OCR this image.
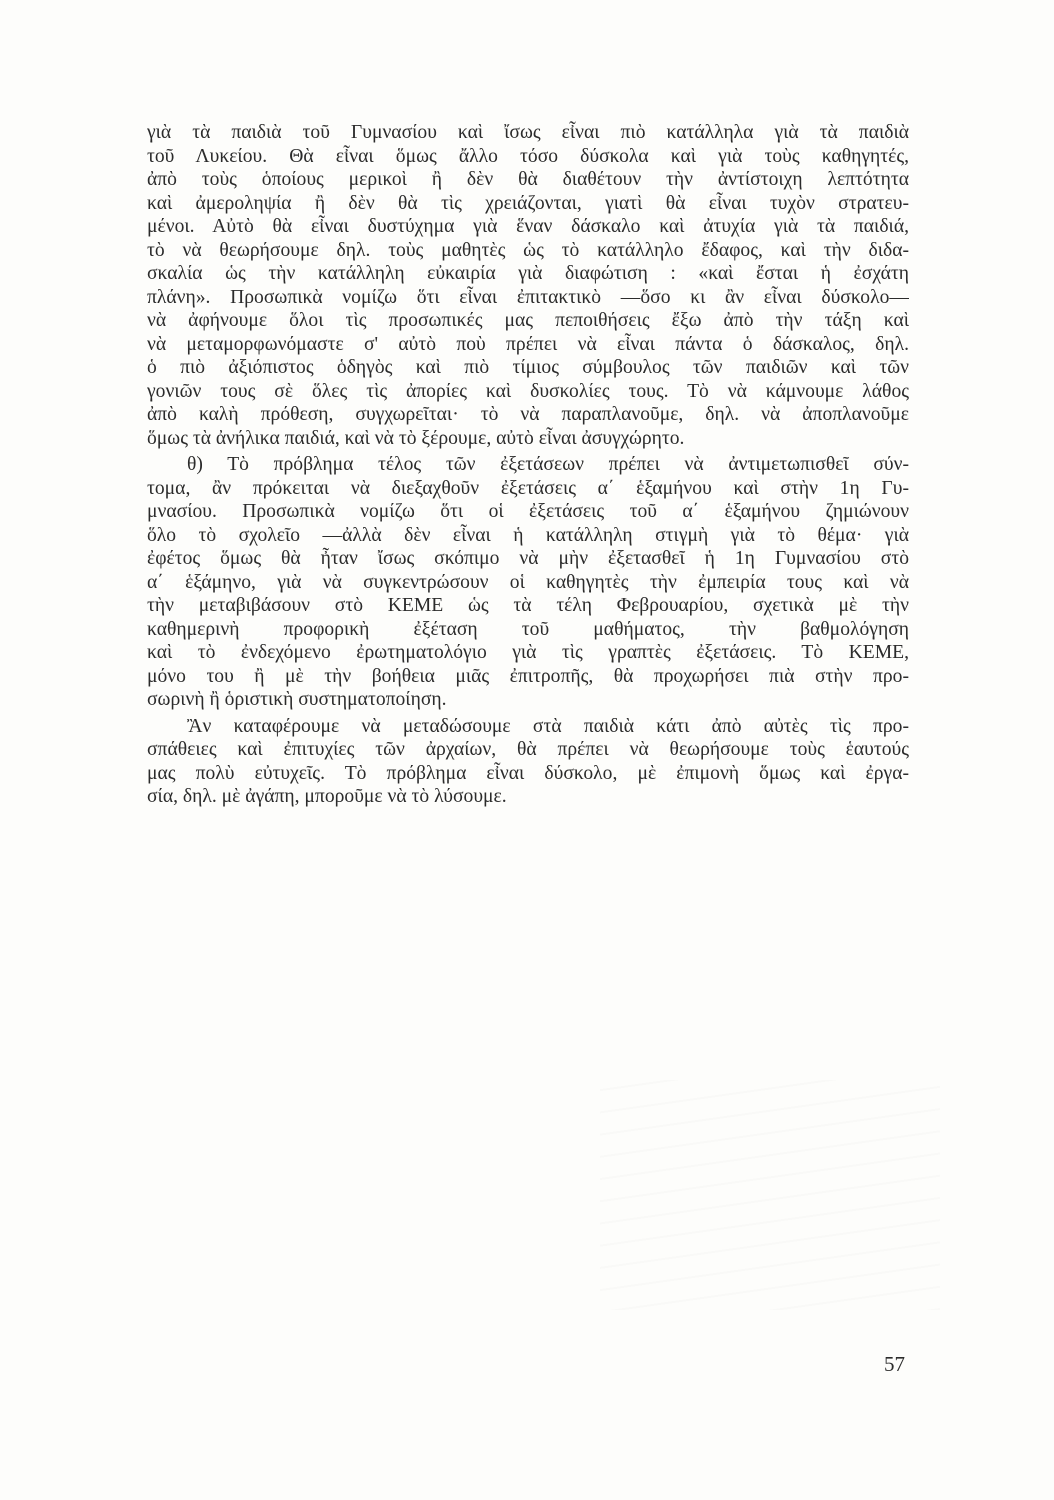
γιὰ τὰ παιδιὰ τοῦ Γυμνασίου καὶ ἴσως εἶναι πιὸ κατάλληλα γιὰ τὰ παιδιὰ
τοῦ Λυκείου. Θὰ εἶναι ὅμως ἄλλο τόσο δύσκολα καὶ γιὰ τοὺς καθηγητές,
ἀπὸ τοὺς ὁποίους μερικοὶ ἢ δὲν θὰ διαθέτουν τὴν ἀντίστοιχη λεπτότητα
καὶ ἀμεροληψία ἢ δὲν θὰ τὶς χρειάζονται, γιατὶ θὰ εἶναι τυχὸν στρατευ-
μένοι. Αὐτὸ θὰ εἶναι δυστύχημα γιὰ ἕναν δάσκαλο καὶ ἀτυχία γιὰ τὰ παιδιά,
τὸ νὰ θεωρήσουμε δηλ. τοὺς μαθητὲς ὡς τὸ κατάλληλο ἔδαφος, καὶ τὴν διδα-
σκαλία ὡς τὴν κατάλληλη εὐκαιρία γιὰ διαφώτιση : «καὶ ἔσται ἡ ἐσχάτη
πλάνη». Προσωπικὰ νομίζω ὅτι εἶναι ἐπιτακτικὸ —ὅσο κι ἂν εἶναι δύσκολο—
νὰ ἀφήνουμε ὅλοι τὶς προσωπικές μας πεποιθήσεις ἔξω ἀπὸ τὴν τάξη καὶ
νὰ μεταμορφωνόμαστε σ' αὐτὸ ποὺ πρέπει νὰ εἶναι πάντα ὁ δάσκαλος, δηλ.
ὁ πιὸ ἀξιόπιστος ὁδηγὸς καὶ πιὸ τίμιος σύμβουλος τῶν παιδιῶν καὶ τῶν
γονιῶν τους σὲ ὅλες τὶς ἀπορίες καὶ δυσκολίες τους. Τὸ νὰ κάμνουμε λάθος
ἀπὸ καλὴ πρόθεση, συγχωρεῖται· τὸ νὰ παραπλανοῦμε, δηλ. νὰ ἀποπλανοῦμε
ὅμως τὰ ἀνήλικα παιδιά, καὶ νὰ τὸ ξέρουμε, αὐτὸ εἶναι ἀσυγχώρητο.
θ) Τὸ πρόβλημα τέλος τῶν ἐξετάσεων πρέπει νὰ ἀντιμετωπισθεῖ σύν-
τομα, ἂν πρόκειται νὰ διεξαχθοῦν ἐξετάσεις α΄ ἑξαμήνου καὶ στὴν 1η Γυ-
μνασίου. Προσωπικὰ νομίζω ὅτι οἱ ἐξετάσεις τοῦ α΄ ἑξαμήνου ζημιώνουν
ὅλο τὸ σχολεῖο —ἀλλὰ δὲν εἶναι ἡ κατάλληλη στιγμὴ γιὰ τὸ θέμα· γιὰ
ἐφέτος ὅμως θὰ ἦταν ἴσως σκόπιμο νὰ μὴν ἐξετασθεῖ ἡ 1η Γυμνασίου στὸ
α΄ ἑξάμηνο, γιὰ νὰ συγκεντρώσουν οἱ καθηγητὲς τὴν ἐμπειρία τους καὶ νὰ
τὴν μεταβιβάσουν στὸ ΚΕΜΕ ὡς τὰ τέλη Φεβρουαρίου, σχετικὰ μὲ τὴν
καθημερινὴ προφορικὴ ἐξέταση τοῦ μαθήματος, τὴν βαθμολόγηση
καὶ τὸ ἐνδεχόμενο ἐρωτηματολόγιο γιὰ τὶς γραπτὲς ἐξετάσεις. Τὸ ΚΕΜΕ,
μόνο του ἢ μὲ τὴν βοήθεια μιᾶς ἐπιτροπῆς, θὰ προχωρήσει πιὰ στὴν προ-
σωρινὴ ἢ ὁριστικὴ συστηματοποίηση.
Ἂν καταφέρουμε νὰ μεταδώσουμε στὰ παιδιὰ κάτι ἀπὸ αὐτὲς τὶς προ-
σπάθειες καὶ ἐπιτυχίες τῶν ἀρχαίων, θὰ πρέπει νὰ θεωρήσουμε τοὺς ἑαυτούς
μας πολὺ εὐτυχεῖς. Τὸ πρόβλημα εἶναι δύσκολο, μὲ ἐπιμονὴ ὅμως καὶ ἐργα-
σία, δηλ. μὲ ἀγάπη, μποροῦμε νὰ τὸ λύσουμε.
57
